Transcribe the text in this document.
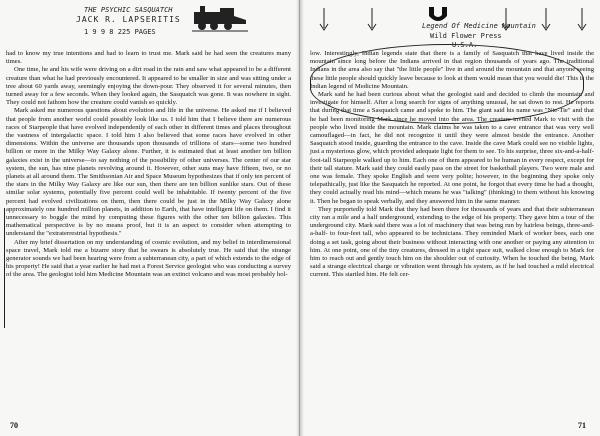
THE PSYCHIC SASQUATCH
JACK R. LAPSERITIS
1 9 9 8 225 PAGES

had to know my true intentions and had to learn to trust me. Mark said he had seen the creatures many times.

One time, he and his wife were driving on a dirt road in the rain and saw what appeared to be a different creature than what he had previously encountered. It appeared to be smaller in size and was sitting under a tree about 60 yards away, seemingly enjoying the down-pour. They observed it for several minutes, then turned away for a few seconds. When they looked again, the Sasquatch was gone. It was nowhere in sight. They could not fathom how the creature could vanish so quickly.

Mark asked me numerous questions about evolution and life in the universe. He asked me if I believed that people from another world could possibly look like us. I told him that I believe there are numerous races of Starpeople that have evolved independently of each other in different times and places throughout the vastness of intergalactic space. I told him I also believed that some races have evolved in other dimensions. Within the universe are thousands upon thousands of trillions of stars—some two hundred billion or more in the Milky Way Galaxy alone. Further, it is estimated that at least another ten billion galaxies exist in the universe—to say nothing of the possibility of other universes. The center of our star system, the sun, has nine planets revolving around it. However, other suns may have fifteen, two, or no planets at all around them. The Smithsonian Air and Space Museum hypothesizes that if only ten percent of the stars in the Milky Way Galaxy are like our sun, then there are ten billion sunlike stars. Out of these similar solar systems, potentially five percent could well be inhabitable. If twenty percent of the five percent had evolved civilizations on them, then there could be just in the Milky Way Galaxy alone approximately one hundred million planets, in addition to Earth, that have intelligent life on them. I find it unnecessary to boggle the mind by computing these figures with the other ten billion galaxies. This mathematical perspective is by no means proof, but it is an aspect to consider when attempting to understand the "extraterrestrial hypothesis."

After my brief dissertation on my understanding of cosmic evolution, and my belief in interdimensional space travel, Mark told me a bizarre story that he swears is absolutely true. He said that the strange generator sounds we had been hearing were from a subterranean city, a part of which extends to the edge of his property! He said that a year earlier he had met a Forest Service geologist who was conducting a survey of the area. The geologist told him Medicine Mountain was an extinct volcano and was most probably hol-

70
Legend Of Medicine Mountain
Wild Flower Press
U.S.A.

low. Interestingly, Indian legends state that there is a family of Sasquatch that have lived inside the mountain since long before the Indians arrived in that region thousands of years ago. The traditional Indians in the area also say that "the little people" live in and around the mountain and that anyone seeing these little people should quickly leave because to look at them would mean that you would die! This is the Indian legend of Medicine Mountain.

Mark said he had been curious about what the geologist said and decided to climb the mountain and investigate for himself. After a long search for signs of anything unusual, he sat down to rest. He reports that during that time a Sasquatch came and spoke to him. The giant said his name was "Nie-Tie" and that he had been monitoring Mark since he moved into the area. The creature invited Mark to visit with the people who lived inside the mountain. Mark claims he was taken to a cave entrance that was very well camouflaged—in fact, he did not recognize it until they were almost beside the entrance. Another Sasquatch stood inside, guarding the entrance to the cave. Inside the cave Mark could see no visible lights, just a mysterious glow, which provided adequate light for them to see. To his surprise, three six-and-a-half-foot-tall Starpeople walked up to him. Each one of them appeared to be human in every respect, except for their tall stature. Mark said they could easily pass on the street for basketball players. Two were male and one was female. They spoke English and were very polite; however, in the beginning they spoke only telepathically, just like the Sasquatch he reported. At one point, he forgot that every time he had a thought, they could actually read his mind—which means he was "talking" (thinking) to them without his knowing it. Then he began to speak verbally, and they answered him in the same manner.

They purportedly told Mark that they had been there for thousands of years and that their subterranean city ran a mile and a half underground, extending to the edge of his property. They gave him a tour of the underground city. Mark said there was a lot of machinery that was being run by hairless beings, three-and-a-half- to four-feet tall, who appeared to be technicians. They reminded Mark of worker bees, each one doing a set task, going about their business without interacting with one another or paying any attention to him. At one point, one of the tiny creatures, dressed in a tight space suit, walked close enough to Mark for him to reach out and gently touch him on the shoulder out of curiosity. When he touched the being, Mark said a strange electrical charge or vibration went through his system, as if he had touched a mild electrical current. This startled him. He felt cer-

71
